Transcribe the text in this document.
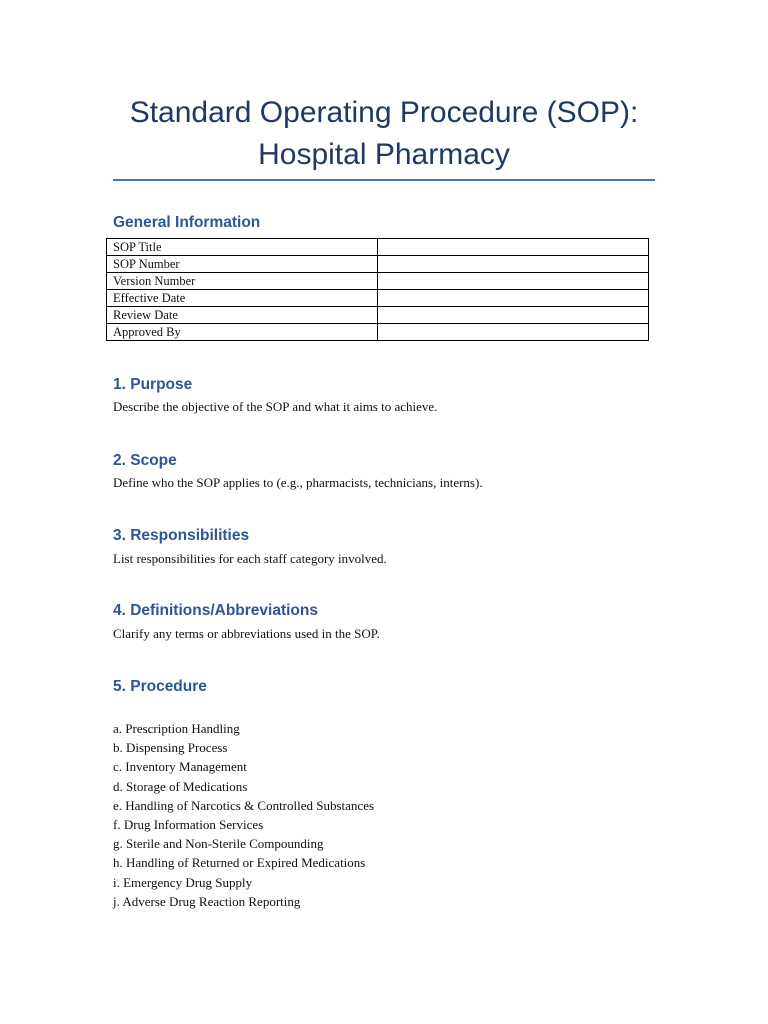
Standard Operating Procedure (SOP):
Hospital Pharmacy
General Information
SOP Title	
SOP Number	
Version Number	
Effective Date	
Review Date	
Approved By	
1. Purpose

Describe the objective of the SOP and what it aims to achieve.

2. Scope

Define who the SOP applies to (e.g., pharmacists, technicians, interns).

3. Responsibilities

List responsibilities for each staff category involved.

4. Definitions/Abbreviations

Clarify any terms or abbreviations used in the SOP.

5. Procedure
a. Prescription Handling
b. Dispensing Process
c. Inventory Management
d. Storage of Medications
e. Handling of Narcotics & Controlled Substances
f. Drug Information Services
g. Sterile and Non-Sterile Compounding
h. Handling of Returned or Expired Medications
i. Emergency Drug Supply
j. Adverse Drug Reaction Reporting
